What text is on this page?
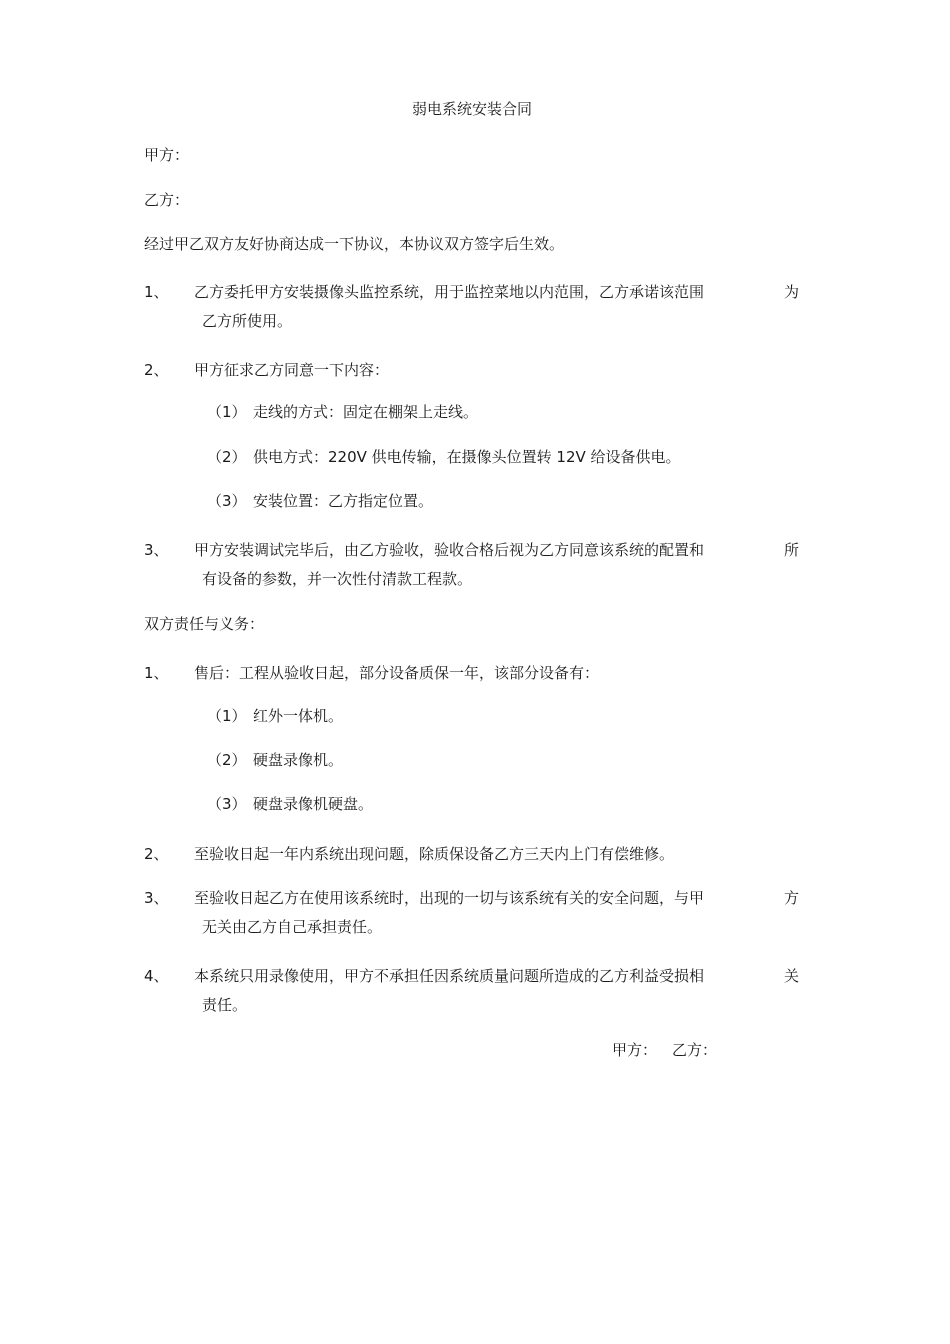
弱电系统安装合同
甲方：
乙方：
经过甲乙双方友好协商达成一下协议，本协议双方签字后生效。
1、 乙方委托甲方安装摄像头监控系统，用于监控菜地以内范围，乙方承诺该范围	为
乙方所使用。
2、 甲方征求乙方同意一下内容：
（1） 走线的方式：固定在棚架上走线。
（2） 供电方式：220V 供电传输，在摄像头位置转 12V 给设备供电。
（3） 安装位置：乙方指定位置。
3、 甲方安装调试完毕后，由乙方验收，验收合格后视为乙方同意该系统的配置和	所
有设备的参数，并一次性付清款工程款。
双方责任与义务：
1、 售后：工程从验收日起，部分设备质保一年，该部分设备有：
（1） 红外一体机。
（2） 硬盘录像机。
（3） 硬盘录像机硬盘。
2、 至验收日起一年内系统出现问题，除质保设备乙方三天内上门有偿维修。
3、 至验收日起乙方在使用该系统时，出现的一切与该系统有关的安全问题，与甲	方
无关由乙方自己承担责任。
4、 本系统只用录像使用，甲方不承担任因系统质量问题所造成的乙方利益受损相	关
责任。
甲方： 乙方：
